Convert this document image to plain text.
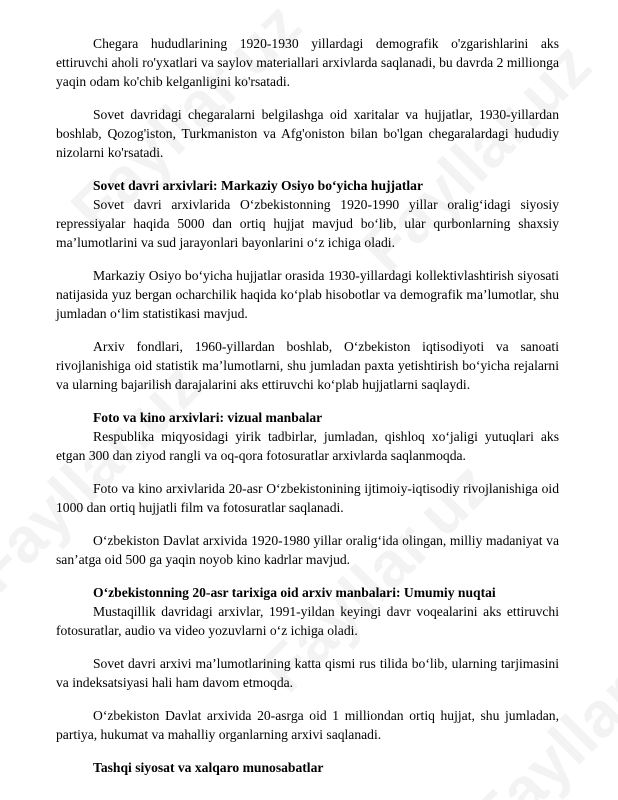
Chegara hududlarining 1920-1930 yillardagi demografik o'zgarishlarini aks ettiruvchi aholi ro'yxatlari va saylov materiallari arxivlarda saqlanadi, bu davrda 2 millionga yaqin odam ko'chib kelganligini ko'rsatadi.

Sovet davridagi chegaralarni belgilashga oid xaritalar va hujjatlar, 1930-yillardan boshlab, Qozog'iston, Turkmaniston va Afg'oniston bilan bo'lgan chegaralardagi hududiy nizolarni ko'rsatadi.

Sovet davri arxivlari: Markaziy Osiyo bo‘yicha hujjatlar

Sovet davri arxivlarida O‘zbekistonning 1920-1990 yillar oralig‘idagi siyosiy repressiyalar haqida 5000 dan ortiq hujjat mavjud bo‘lib, ular qurbonlarning shaxsiy ma’lumotlarini va sud jarayonlari bayonlarini o‘z ichiga oladi.

Markaziy Osiyo bo‘yicha hujjatlar orasida 1930-yillardagi kollektivlashtirish siyosati natijasida yuz bergan ocharchilik haqida ko‘plab hisobotlar va demografik ma’lumotlar, shu jumladan o‘lim statistikasi mavjud.

Arxiv fondlari, 1960-yillardan boshlab, O‘zbekiston iqtisodiyoti va sanoati rivojlanishiga oid statistik ma’lumotlarni, shu jumladan paxta yetishtirish bo‘yicha rejalarni va ularning bajarilish darajalarini aks ettiruvchi ko‘plab hujjatlarni saqlaydi.

Foto va kino arxivlari: vizual manbalar

Respublika miqyosidagi yirik tadbirlar, jumladan, qishloq xo‘jaligi yutuqlari aks etgan 300 dan ziyod rangli va oq-qora fotosuratlar arxivlarda saqlanmoqda.

Foto va kino arxivlarida 20-asr O‘zbekistonining ijtimoiy-iqtisodiy rivojlanishiga oid 1000 dan ortiq hujjatli film va fotosuratlar saqlanadi.

O‘zbekiston Davlat arxivida 1920-1980 yillar oralig‘ida olingan, milliy madaniyat va san’atga oid 500 ga yaqin noyob kino kadrlar mavjud.

O‘zbekistonning 20-asr tarixiga oid arxiv manbalari: Umumiy nuqtai

Mustaqillik davridagi arxivlar, 1991-yildan keyingi davr voqealarini aks ettiruvchi fotosuratlar, audio va video yozuvlarni o‘z ichiga oladi.

Sovet davri arxivi ma’lumotlarining katta qismi rus tilida bo‘lib, ularning tarjimasini va indeksatsiyasi hali ham davom etmoqda.

O‘zbekiston Davlat arxivida 20-asrga oid 1 milliondan ortiq hujjat, shu jumladan, partiya, hukumat va mahalliy organlarning arxivi saqlanadi.

Tashqi siyosat va xalqaro munosabatlar
